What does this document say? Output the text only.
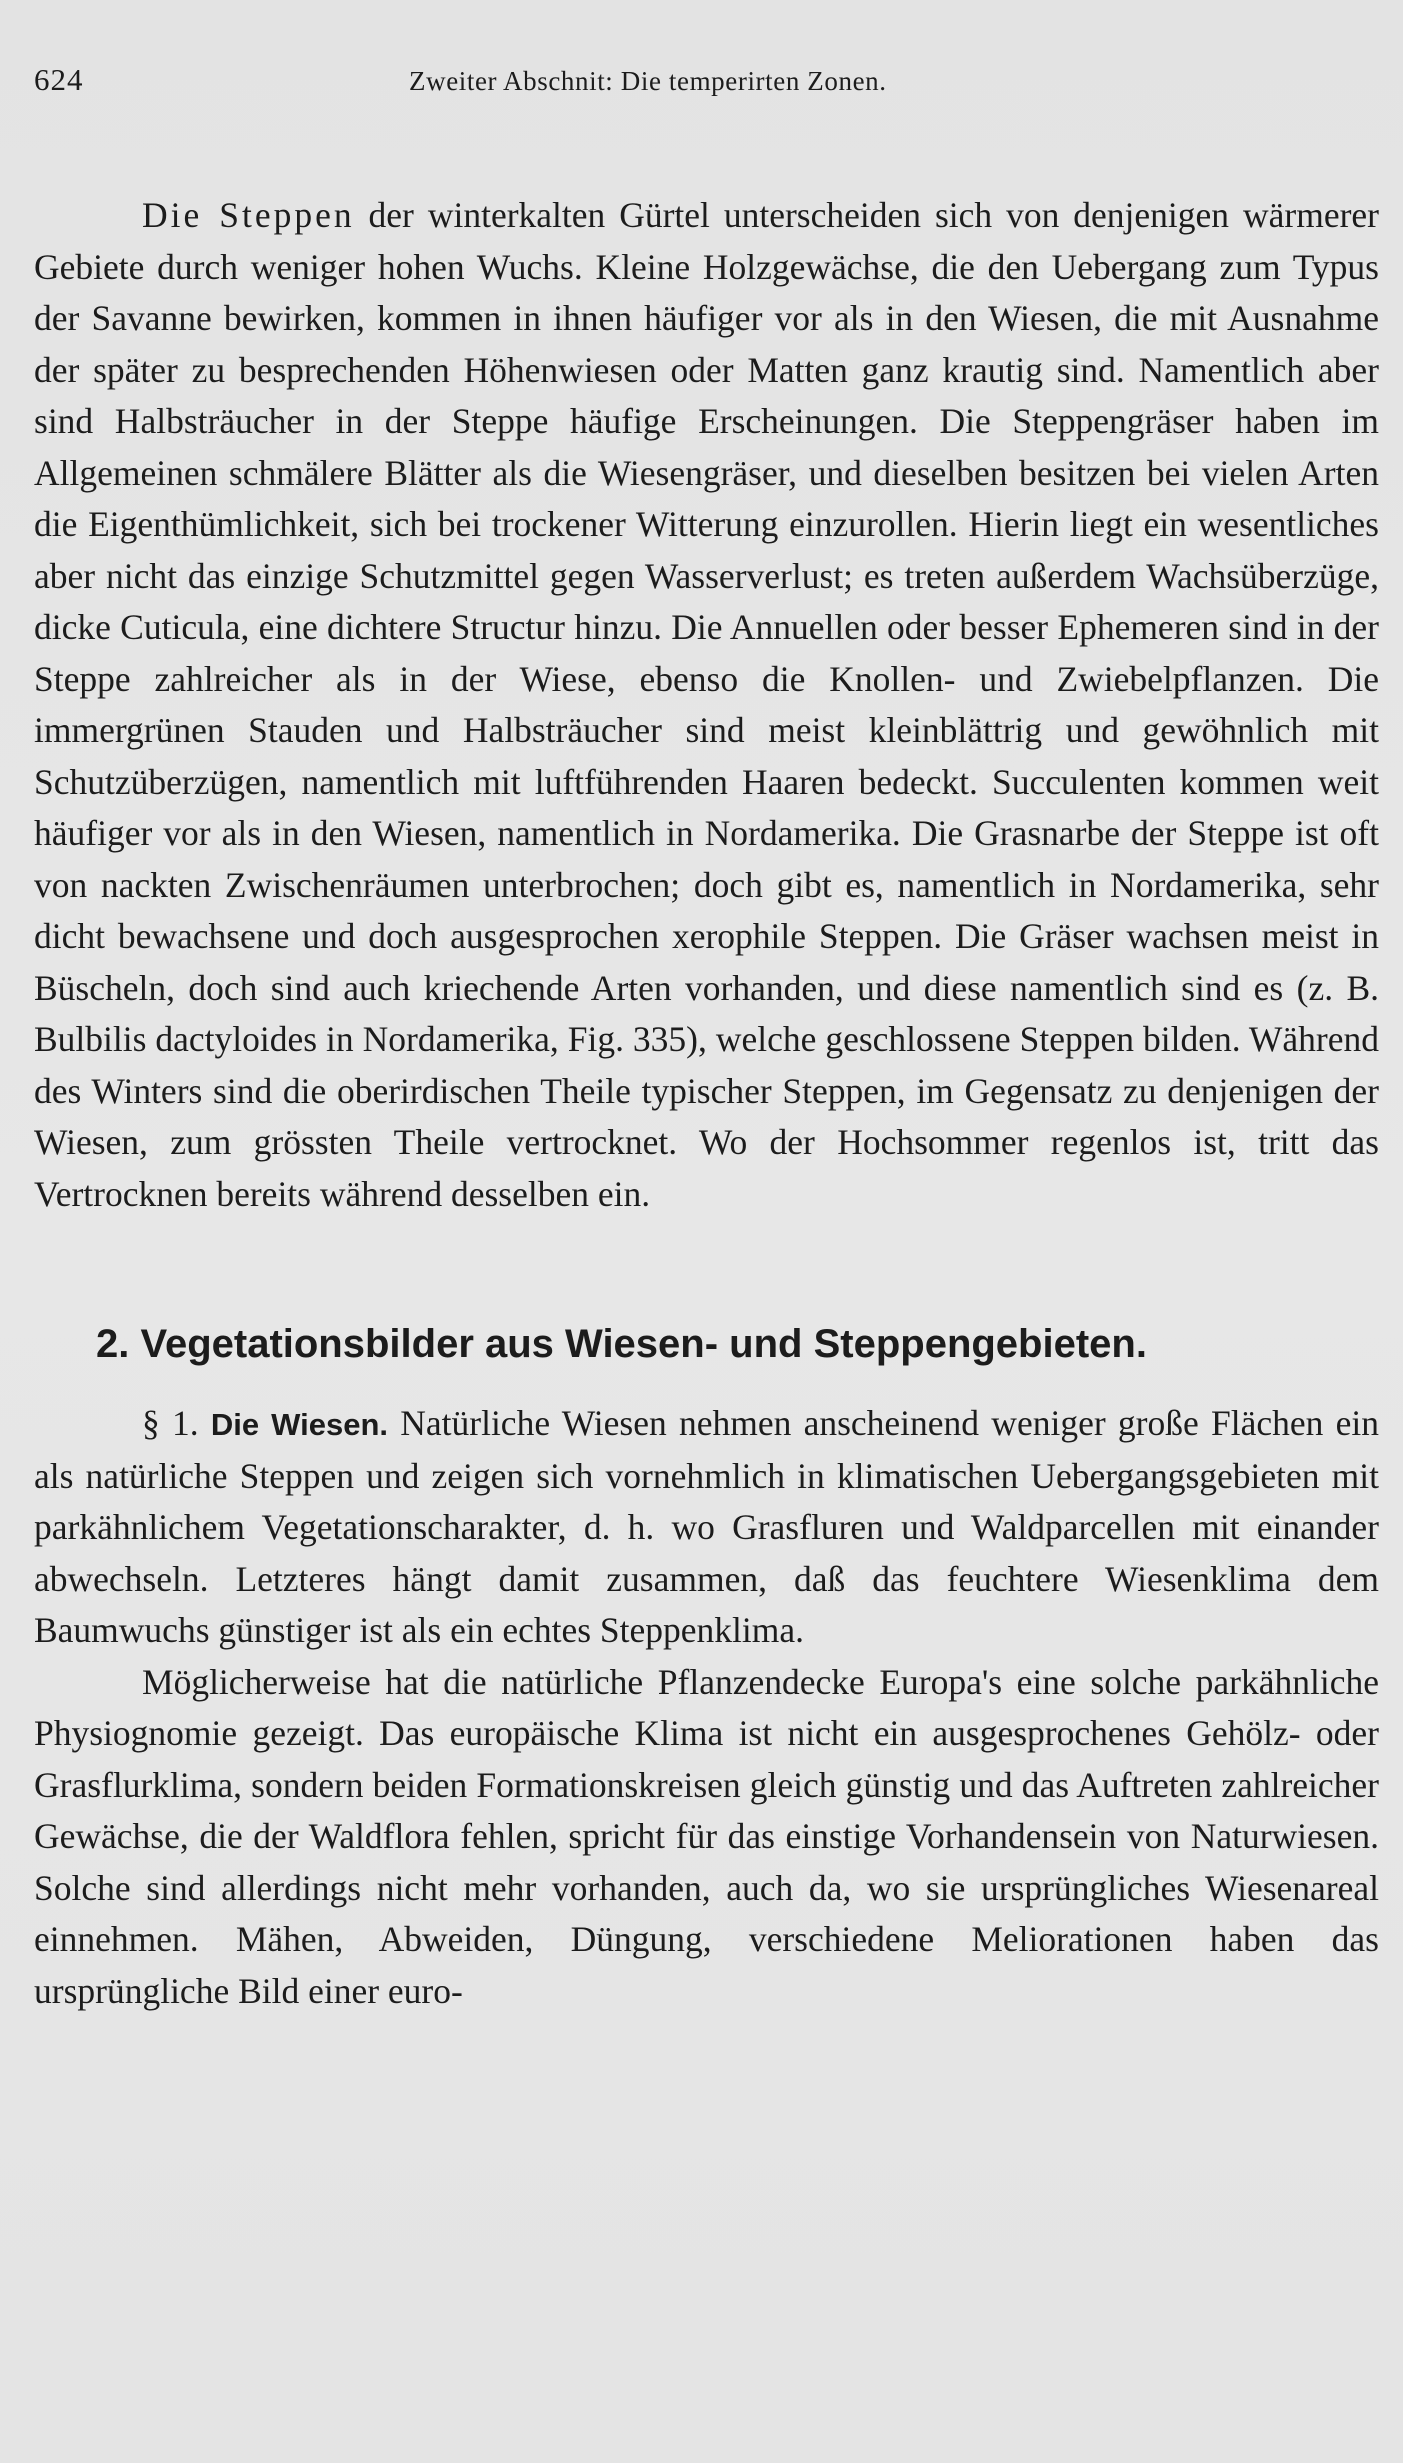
624	Zweiter Abschnit: Die temperirten Zonen.

Die Steppen der winterkalten Gürtel unterscheiden sich von denjenigen wärmerer Gebiete durch weniger hohen Wuchs. Kleine Holzgewächse, die den Uebergang zum Typus der Savanne bewirken, kommen in ihnen häufiger vor als in den Wiesen, die mit Ausnahme der später zu besprechenden Höhenwiesen oder Matten ganz krautig sind. Namentlich aber sind Halbsträucher in der Steppe häufige Erscheinungen. Die Steppengräser haben im Allgemeinen schmälere Blätter als die Wiesengräser, und dieselben besitzen bei vielen Arten die Eigenthümlichkeit, sich bei trockener Witterung einzurollen. Hierin liegt ein wesentliches aber nicht das einzige Schutzmittel gegen Wasserverlust; es treten außerdem Wachsüberzüge, dicke Cuticula, eine dichtere Structur hinzu. Die Annuellen oder besser Ephemeren sind in der Steppe zahlreicher als in der Wiese, ebenso die Knollen- und Zwiebelpflanzen. Die immergrünen Stauden und Halbsträucher sind meist kleinblättrig und gewöhnlich mit Schutzüberzügen, namentlich mit luftführenden Haaren bedeckt. Succulenten kommen weit häufiger vor als in den Wiesen, namentlich in Nordamerika. Die Grasnarbe der Steppe ist oft von nackten Zwischenräumen unterbrochen; doch gibt es, namentlich in Nordamerika, sehr dicht bewachsene und doch ausgesprochen xerophile Steppen. Die Gräser wachsen meist in Büscheln, doch sind auch kriechende Arten vorhanden, und diese namentlich sind es (z. B. Bulbilis dactyloides in Nordamerika, Fig. 335), welche geschlossene Steppen bilden. Während des Winters sind die oberirdischen Theile typischer Steppen, im Gegensatz zu denjenigen der Wiesen, zum grössten Theile vertrocknet. Wo der Hochsommer regenlos ist, tritt das Vertrocknen bereits während desselben ein.

2. Vegetationsbilder aus Wiesen- und Steppengebieten.

§ 1. Die Wiesen. Natürliche Wiesen nehmen anscheinend weniger große Flächen ein als natürliche Steppen und zeigen sich vornehmlich in klimatischen Uebergangsgebieten mit parkähnlichem Vegetationscharakter, d. h. wo Grasfluren und Waldparcellen mit einander abwechseln. Letzteres hängt damit zusammen, daß das feuchtere Wiesenklima dem Baumwuchs günstiger ist als ein echtes Steppenklima.

Möglicherweise hat die natürliche Pflanzendecke Europa's eine solche parkähnliche Physiognomie gezeigt. Das europäische Klima ist nicht ein ausgesprochenes Gehölz- oder Grasflurklima, sondern beiden Formationskreisen gleich günstig und das Auftreten zahlreicher Gewächse, die der Waldflora fehlen, spricht für das einstige Vorhandensein von Naturwiesen. Solche sind allerdings nicht mehr vorhanden, auch da, wo sie ursprüngliches Wiesenareal einnehmen. Mähen, Abweiden, Düngung, verschiedene Meliorationen haben das ursprüngliche Bild einer euro-
